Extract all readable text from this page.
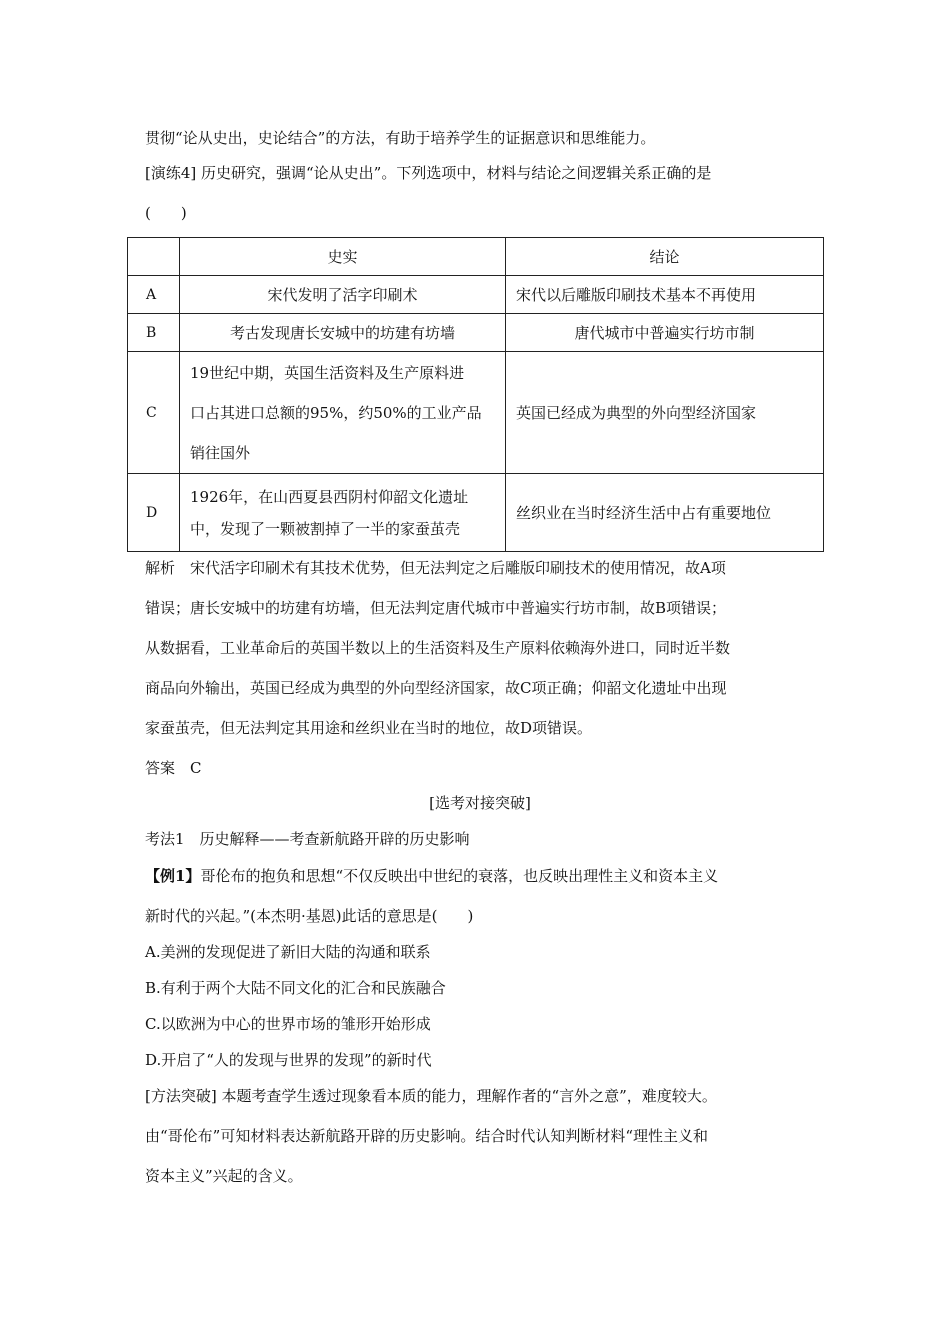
贯彻“论从史出，史论结合”的方法，有助于培养学生的证据意识和思维能力。
[演练4] 历史研究，强调“论从史出”。下列选项中，材料与结论之间逻辑关系正确的是
(　　)
	史实	结论
A	宋代发明了活字印刷术	宋代以后雕版印刷技术基本不再使用
B	考古发现唐长安城中的坊建有坊墙	唐代城市中普遍实行坊市制
C	19世纪中期，英国生活资料及生产原料进
口占其进口总额的95%，约50%的工业产品
销往国外	英国已经成为典型的外向型经济国家
D	1926年，在山西夏县西阴村仰韶文化遗址
中，发现了一颗被割掉了一半的家蚕茧壳	丝织业在当时经济生活中占有重要地位
解析　宋代活字印刷术有其技术优势，但无法判定之后雕版印刷技术的使用情况，故A项
错误；唐长安城中的坊建有坊墙，但无法判定唐代城市中普遍实行坊市制，故B项错误；
从数据看，工业革命后的英国半数以上的生活资料及生产原料依赖海外进口，同时近半数
商品向外输出，英国已经成为典型的外向型经济国家，故C项正确；仰韶文化遗址中出现
家蚕茧壳，但无法判定其用途和丝织业在当时的地位，故D项错误。
答案　C
[选考对接突破]
考法1　历史解释——考查新航路开辟的历史影响
【例1】哥伦布的抱负和思想“不仅反映出中世纪的衰落，也反映出理性主义和资本主义
新时代的兴起。”(本杰明·基恩)此话的意思是(　　)
A.美洲的发现促进了新旧大陆的沟通和联系
B.有利于两个大陆不同文化的汇合和民族融合
C.以欧洲为中心的世界市场的雏形开始形成
D.开启了“人的发现与世界的发现”的新时代
[方法突破] 本题考查学生透过现象看本质的能力，理解作者的“言外之意”，难度较大。
由“哥伦布”可知材料表达新航路开辟的历史影响。结合时代认知判断材料“理性主义和
资本主义”兴起的含义。
